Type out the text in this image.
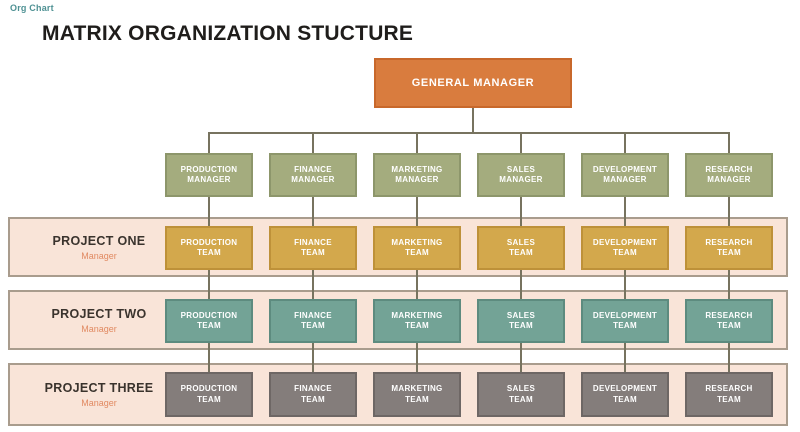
Org Chart
MATRIX ORGANIZATION STUCTURE
GENERAL MANAGER
PROJECT ONE
Manager
PROJECT TWO
Manager
PROJECT THREE
Manager
PRODUCTION
MANAGER
FINANCE
MANAGER
MARKETING
MANAGER
SALES
MANAGER
DEVELOPMENT
MANAGER
RESEARCH
MANAGER
PRODUCTION
TEAM
FINANCE
TEAM
MARKETING
TEAM
SALES
TEAM
DEVELOPMENT
TEAM
RESEARCH
TEAM
PRODUCTION
TEAM
FINANCE
TEAM
MARKETING
TEAM
SALES
TEAM
DEVELOPMENT
TEAM
RESEARCH
TEAM
PRODUCTION
TEAM
FINANCE
TEAM
MARKETING
TEAM
SALES
TEAM
DEVELOPMENT
TEAM
RESEARCH
TEAM
